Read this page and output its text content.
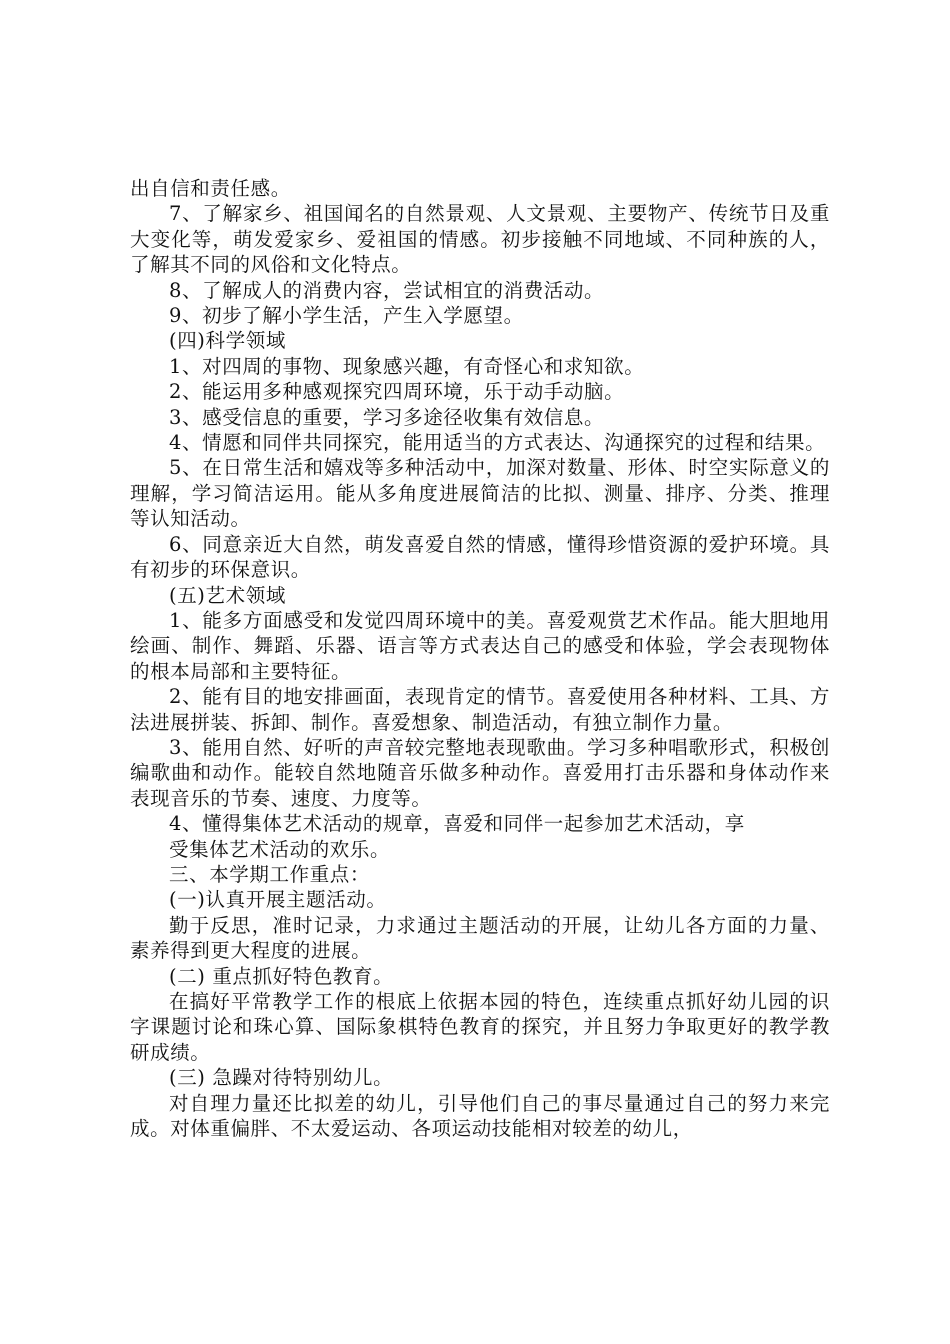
出自信和责任感。

7、了解家乡、祖国闻名的自然景观、人文景观、主要物产、传统节日及重大变化等，萌发爱家乡、爱祖国的情感。初步接触不同地域、不同种族的人，了解其不同的风俗和文化特点。

8、了解成人的消费内容，尝试相宜的消费活动。

9、初步了解小学生活，产生入学愿望。

(四)科学领域

1、对四周的事物、现象感兴趣，有奇怪心和求知欲。

2、能运用多种感观探究四周环境，乐于动手动脑。

3、感受信息的重要，学习多途径收集有效信息。

4、情愿和同伴共同探究，能用适当的方式表达、沟通探究的过程和结果。

5、在日常生活和嬉戏等多种活动中，加深对数量、形体、时空实际意义的理解，学习简洁运用。能从多角度进展简洁的比拟、测量、排序、分类、推理等认知活动。

6、同意亲近大自然，萌发喜爱自然的情感，懂得珍惜资源的爱护环境。具有初步的环保意识。

(五)艺术领域

1、能多方面感受和发觉四周环境中的美。喜爱观赏艺术作品。能大胆地用绘画、制作、舞蹈、乐器、语言等方式表达自己的感受和体验，学会表现物体的根本局部和主要特征。

2、能有目的地安排画面，表现肯定的情节。喜爱使用各种材料、工具、方法进展拼装、拆卸、制作。喜爱想象、制造活动，有独立制作力量。

3、能用自然、好听的声音较完整地表现歌曲。学习多种唱歌形式，积极创编歌曲和动作。能较自然地随音乐做多种动作。喜爱用打击乐器和身体动作来表现音乐的节奏、速度、力度等。

4、懂得集体艺术活动的规章，喜爱和同伴一起参加艺术活动，享

受集体艺术活动的欢乐。

三、本学期工作重点：

(一)认真开展主题活动。

勤于反思，准时记录，力求通过主题活动的开展，让幼儿各方面的力量、素养得到更大程度的进展。

(二) 重点抓好特色教育。

在搞好平常教学工作的根底上依据本园的特色，连续重点抓好幼儿园的识字课题讨论和珠心算、国际象棋特色教育的探究，并且努力争取更好的教学教研成绩。

(三) 急躁对待特别幼儿。

对自理力量还比拟差的幼儿，引导他们自己的事尽量通过自己的努力来完成。对体重偏胖、不太爱运动、各项运动技能相对较差的幼儿，
